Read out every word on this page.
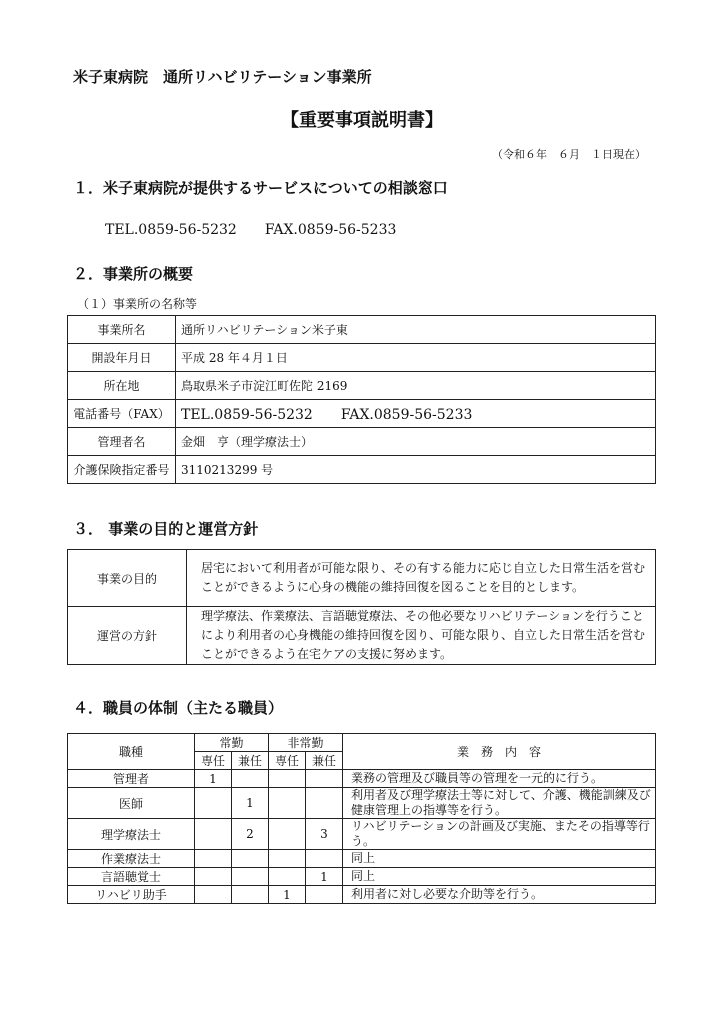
米子東病院　通所リハビリテーション事業所
【重要事項説明書】
（令和６年　６月　１日現在）
１．米子東病院が提供するサービスについての相談窓口
TEL.0859-56-5232　　FAX.0859-56-5233
２．事業所の概要
（１）事業所の名称等
事業所名	通所リハビリテーション米子東
開設年月日	平成 28 年４月１日
所在地	鳥取県米子市淀江町佐陀 2169
電話番号（FAX）	TEL.0859-56-5232　　FAX.0859-56-5233
管理者名	金畑　亨（理学療法士）
介護保険指定番号	3110213299 号
３． 事業の目的と運営方針
事業の目的	居宅において利用者が可能な限り、その有する能力に応じ自立した日常生活を営むことができるように心身の機能の維持回復を図ることを目的とします。
運営の方針	理学療法、作業療法、言語聴覚療法、その他必要なリハビリテーションを行うことにより利用者の心身機能の維持回復を図り、可能な限り、自立した日常生活を営むことができるよう在宅ケアの支援に努めます。
４．職員の体制（主たる職員）
職種	常勤		非常勤		業　務　内　容
	専任	兼任	専任	兼任	
管理者	1				業務の管理及び職員等の管理を一元的に行う。
医師		1			利用者及び理学療法士等に対して、介護、機能訓練及び健康管理上の指導等を行う。
理学療法士		2		3	リハビリテーションの計画及び実施、またその指導等行う。
作業療法士					同上
言語聴覚士				1	同上
リハビリ助手			1		利用者に対し必要な介助等を行う。
